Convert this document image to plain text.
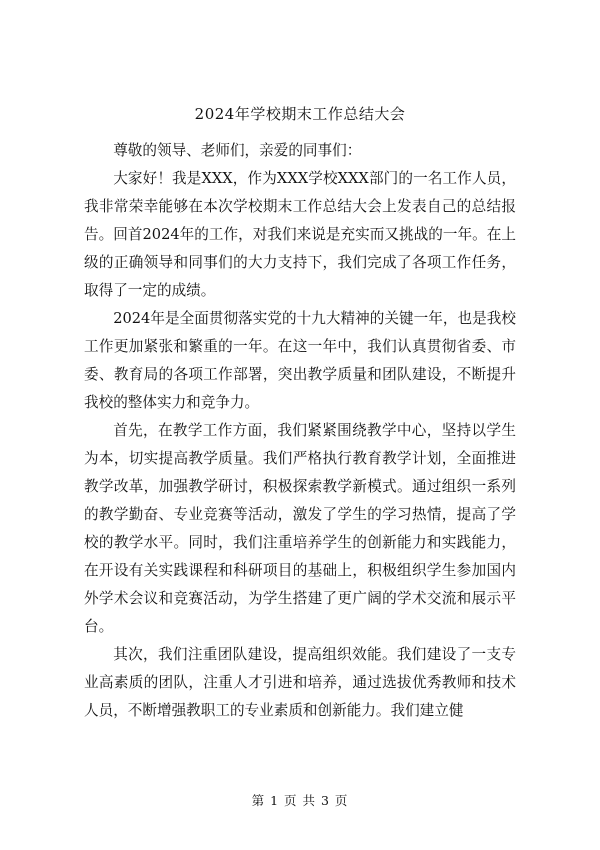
2024年学校期末工作总结大会

尊敬的领导、老师们，亲爱的同事们：

大家好！我是XXX，作为XXX学校XXX部门的一名工作人员，我非常荣幸能够在本次学校期末工作总结大会上发表自己的总结报告。回首2024年的工作，对我们来说是充实而又挑战的一年。在上级的正确领导和同事们的大力支持下，我们完成了各项工作任务，取得了一定的成绩。

2024年是全面贯彻落实党的十九大精神的关键一年，也是我校工作更加紧张和繁重的一年。在这一年中，我们认真贯彻省委、市委、教育局的各项工作部署，突出教学质量和团队建设，不断提升我校的整体实力和竞争力。

首先，在教学工作方面，我们紧紧围绕教学中心，坚持以学生为本，切实提高教学质量。我们严格执行教育教学计划，全面推进教学改革，加强教学研讨，积极探索教学新模式。通过组织一系列的教学勤奋、专业竞赛等活动，激发了学生的学习热情，提高了学校的教学水平。同时，我们注重培养学生的创新能力和实践能力，在开设有关实践课程和科研项目的基础上，积极组织学生参加国内外学术会议和竞赛活动，为学生搭建了更广阔的学术交流和展示平台。

其次，我们注重团队建设，提高组织效能。我们建设了一支专业高素质的团队，注重人才引进和培养，通过选拔优秀教师和技术人员，不断增强教职工的专业素质和创新能力。我们建立健

第 1 页 共 3 页
